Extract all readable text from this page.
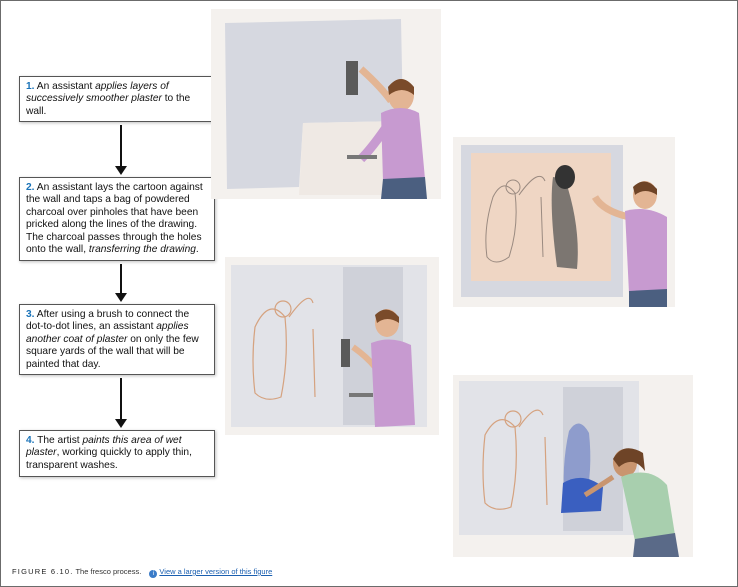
1. An assistant applies layers of successively smoother plaster to the wall.
2. An assistant lays the cartoon against the wall and taps a bag of powdered charcoal over pinholes that have been pricked along the lines of the drawing. The charcoal passes through the holes onto the wall, transferring the drawing.
3. After using a brush to connect the dot-to-dot lines, an assistant applies another coat of plaster on only the few square yards of the wall that will be painted that day.
4. The artist paints this area of wet plaster, working quickly to apply thin, transparent washes.
FIGURE 6.10. The fresco process. i View a larger version of this figure
